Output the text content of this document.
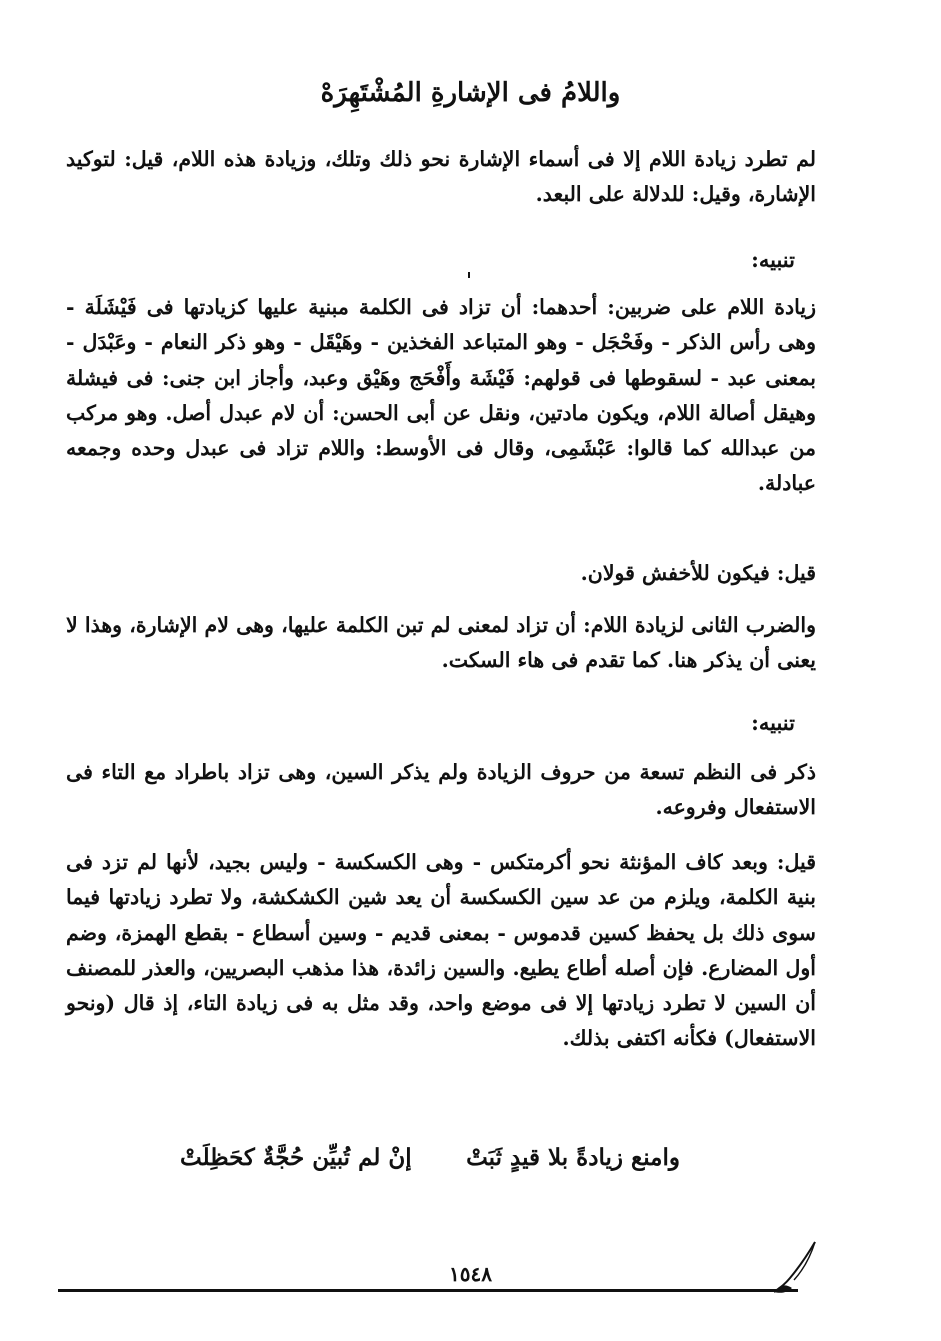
واللامُ فى الإشارةِ المُشْتَهِرَهْ

لم تطرد زيادة اللام إلا فى أسماء الإشارة نحو ذلك وتلك، وزيادة هذه اللام، قيل: لتوكيد الإشارة، وقيل: للدلالة على البعد.

تنبيه:

زيادة اللام على ضربين: أحدهما: أن تزاد فى الكلمة مبنية عليها كزيادتها فى فَيْشَلَة - وهى رأس الذكر - وفَحْجَل - وهو المتباعد الفخذين - وهَيْقَل - وهو ذكر النعام - وعَبْدَل - بمعنى عبد - لسقوطها فى قولهم: فَيْشَة وأَفْحَج وهَيْق وعبد، وأجاز ابن جنى: فى فيشلة وهيقل أصالة اللام، ويكون مادتين، ونقل عن أبى الحسن: أن لام عبدل أصل. وهو مركب من عبدالله كما قالوا: عَبْشَمِى، وقال فى الأوسط: واللام تزاد فى عبدل وحده وجمعه عبادلة.

قيل: فيكون للأخفش قولان.

والضرب الثانى لزيادة اللام: أن تزاد لمعنى لم تبن الكلمة عليها، وهى لام الإشارة، وهذا لا يعنى أن يذكر هنا. كما تقدم فى هاء السكت.

تنبيه:

ذكر فى النظم تسعة من حروف الزيادة ولم يذكر السين، وهى تزاد باطراد مع التاء فى الاستفعال وفروعه.

قيل: وبعد كاف المؤنثة نحو أكرمتكس - وهى الكسكسة - وليس بجيد، لأنها لم تزد فى بنية الكلمة، ويلزم من عد سين الكسكسة أن يعد شين الكشكشة، ولا تطرد زيادتها فيما سوى ذلك بل يحفظ كسين قدموس - بمعنى قديم - وسين أسطاع - بقطع الهمزة، وضم أول المضارع. فإن أصله أطاع يطيع. والسين زائدة، هذا مذهب البصريين، والعذر للمصنف أن السين لا تطرد زيادتها إلا فى موضع واحد، وقد مثل به فى زيادة التاء، إذ قال (ونحو الاستفعال) فكأنه اكتفى بذلك.

وامنع زيادةً بلا قيدٍ ثَبَتْ
إنْ لم تُبيِّن حُجَّةٌ كحَظِلَتْ
١٥٤٨
